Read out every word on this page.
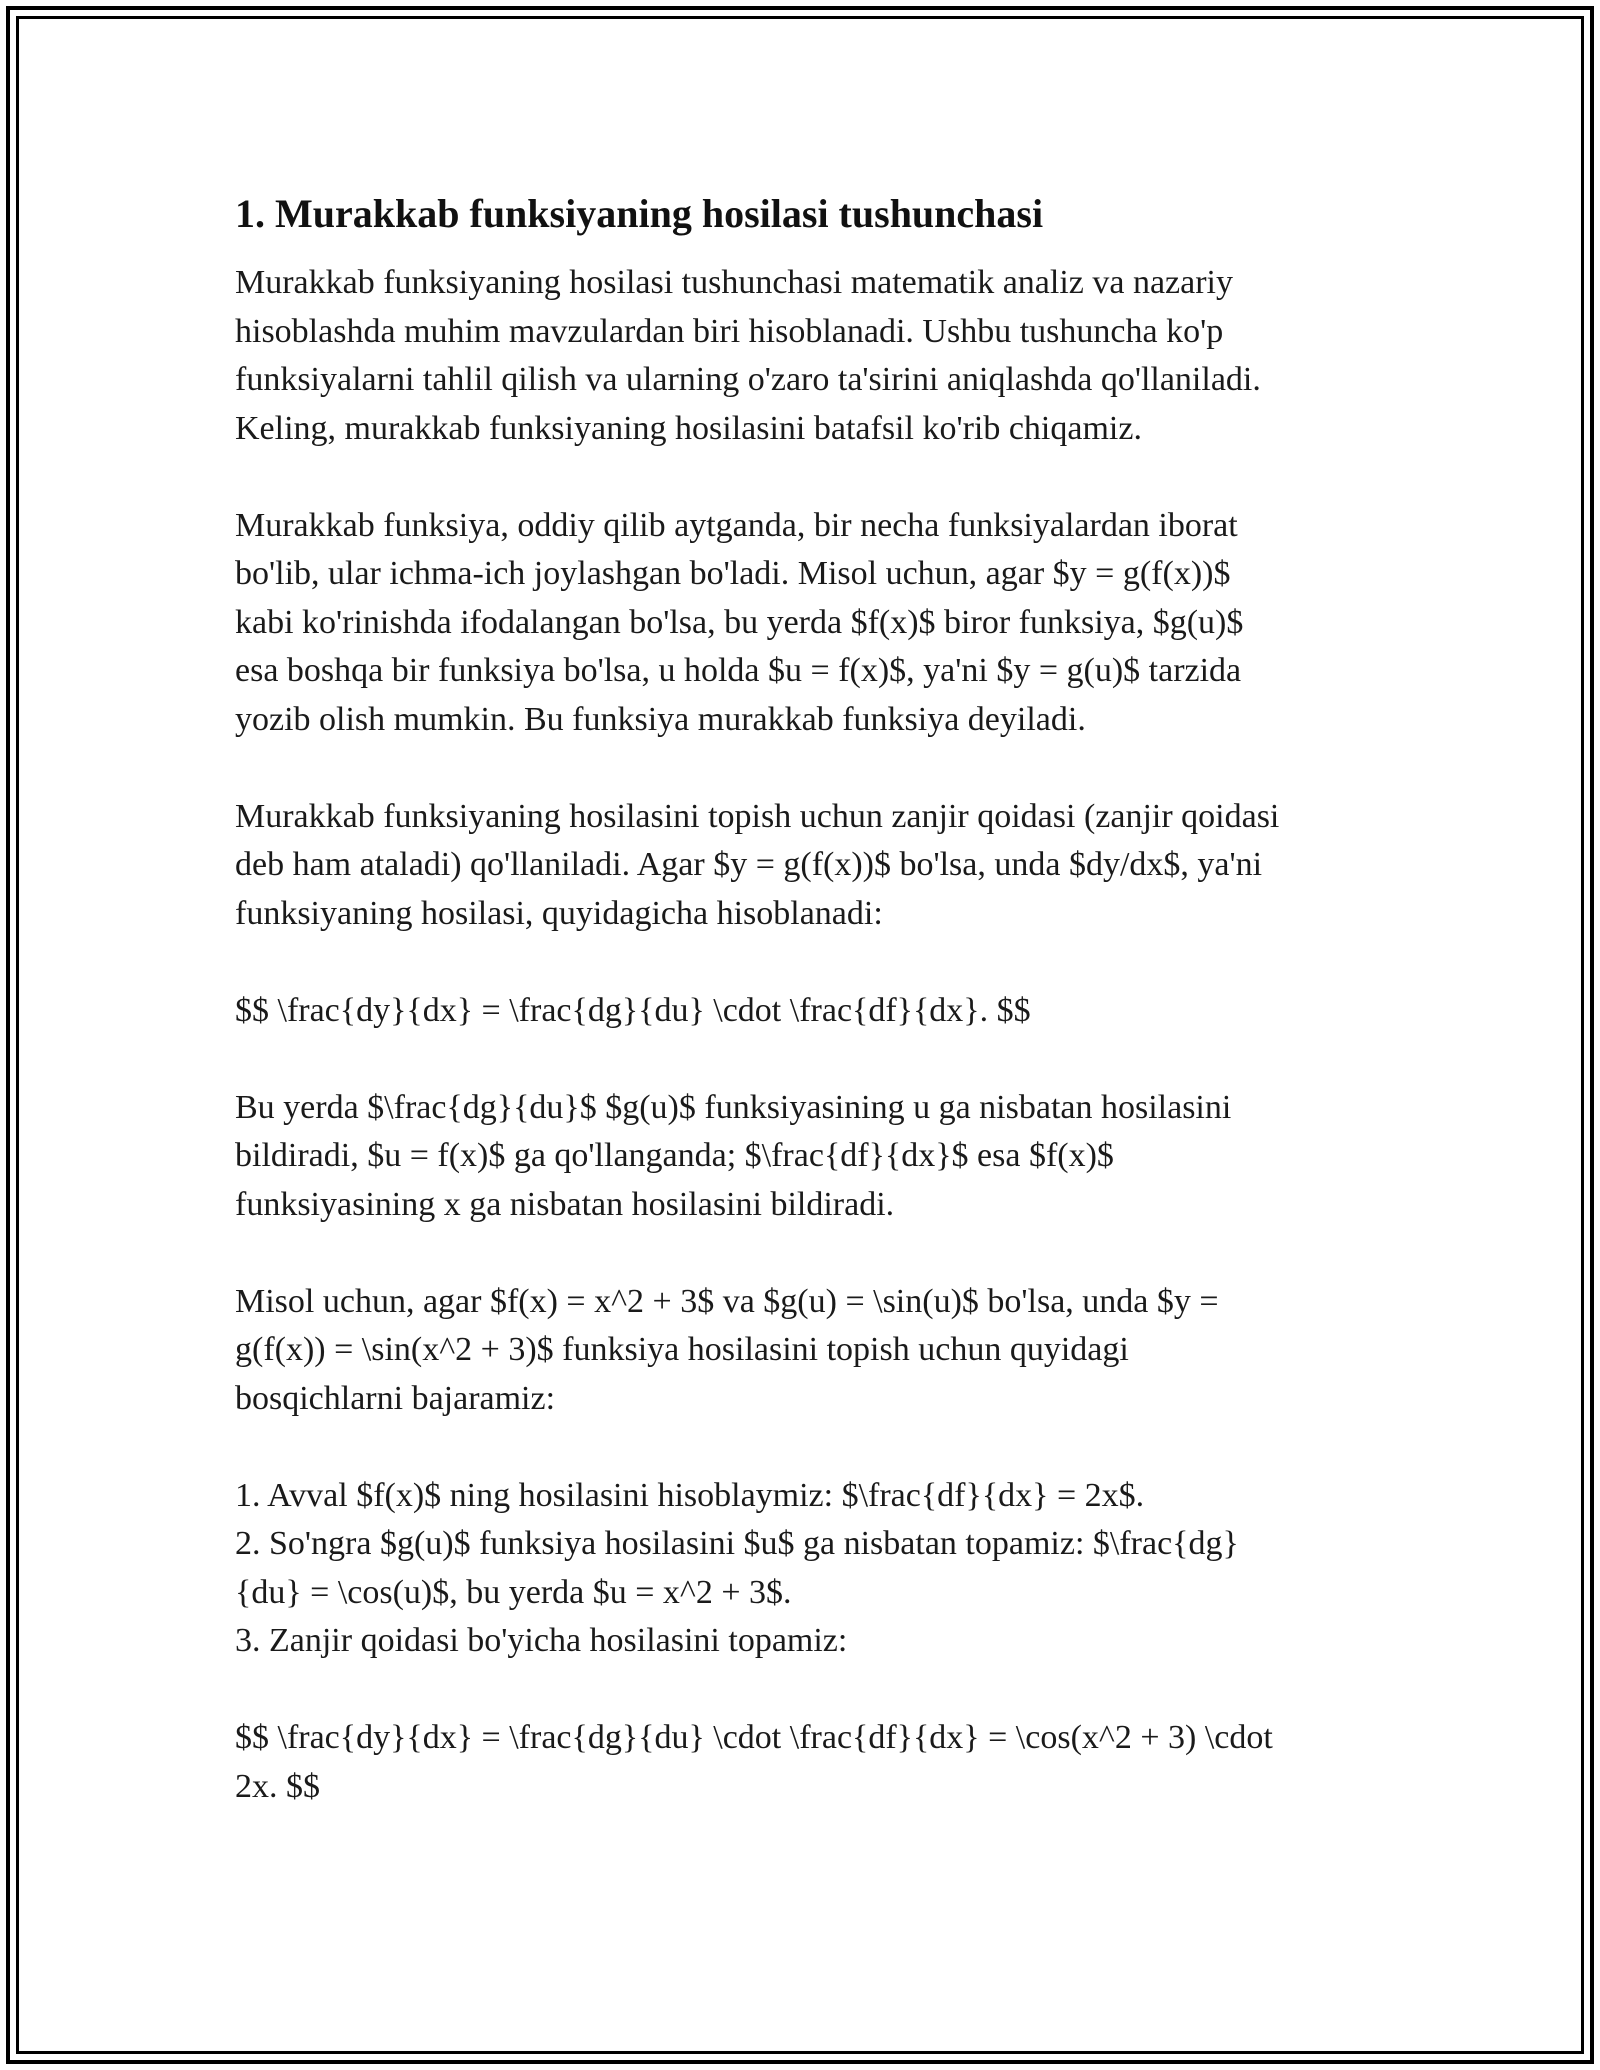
1. Murakkab funksiyaning hosilasi tushunchasi

Murakkab funksiyaning hosilasi tushunchasi matematik analiz va nazariy
hisoblashda muhim mavzulardan biri hisoblanadi. Ushbu tushuncha ko'p
funksiyalarni tahlil qilish va ularning o'zaro ta'sirini aniqlashda qo'llaniladi.
Keling, murakkab funksiyaning hosilasini batafsil ko'rib chiqamiz.

Murakkab funksiya, oddiy qilib aytganda, bir necha funksiyalardan iborat
bo'lib, ular ichma-ich joylashgan bo'ladi. Misol uchun, agar $y = g(f(x))$
kabi ko'rinishda ifodalangan bo'lsa, bu yerda $f(x)$ biror funksiya, $g(u)$
esa boshqa bir funksiya bo'lsa, u holda $u = f(x)$, ya'ni $y = g(u)$ tarzida
yozib olish mumkin. Bu funksiya murakkab funksiya deyiladi.

Murakkab funksiyaning hosilasini topish uchun zanjir qoidasi (zanjir qoidasi
deb ham ataladi) qo'llaniladi. Agar $y = g(f(x))$ bo'lsa, unda $dy/dx$, ya'ni
funksiyaning hosilasi, quyidagicha hisoblanadi:

$$ \frac{dy}{dx} = \frac{dg}{du} \cdot \frac{df}{dx}. $$

Bu yerda $\frac{dg}{du}$ $g(u)$ funksiyasining u ga nisbatan hosilasini
bildiradi, $u = f(x)$ ga qo'llanganda; $\frac{df}{dx}$ esa $f(x)$
funksiyasining x ga nisbatan hosilasini bildiradi.

Misol uchun, agar $f(x) = x^2 + 3$ va $g(u) = \sin(u)$ bo'lsa, unda $y =
g(f(x)) = \sin(x^2 + 3)$ funksiya hosilasini topish uchun quyidagi
bosqichlarni bajaramiz:

1. Avval $f(x)$ ning hosilasini hisoblaymiz: $\frac{df}{dx} = 2x$.
2. So'ngra $g(u)$ funksiya hosilasini $u$ ga nisbatan topamiz: $\frac{dg}
{du} = \cos(u)$, bu yerda $u = x^2 + 3$.
3. Zanjir qoidasi bo'yicha hosilasini topamiz:

$$ \frac{dy}{dx} = \frac{dg}{du} \cdot \frac{df}{dx} = \cos(x^2 + 3) \cdot
2x. $$
